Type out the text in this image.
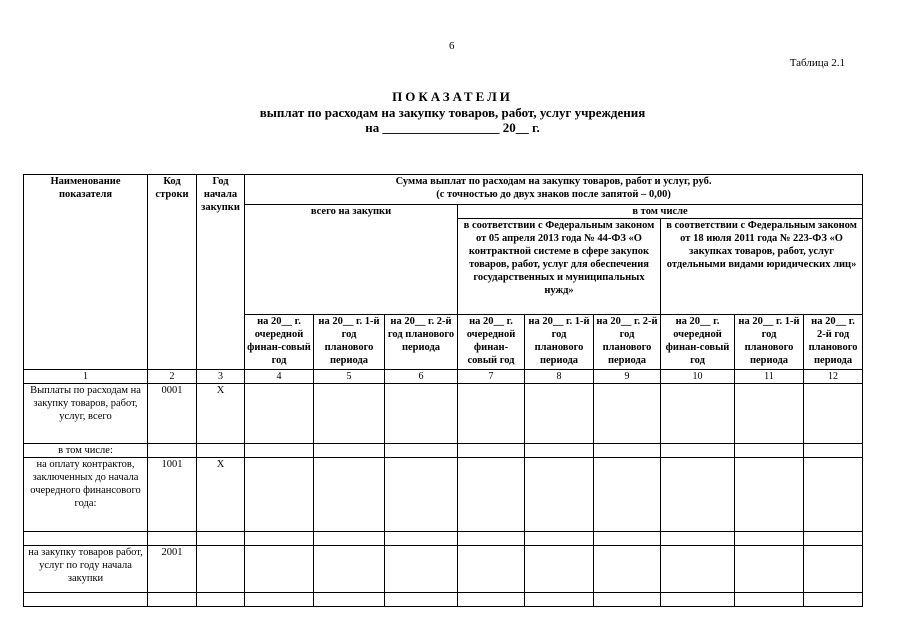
6
Таблица 2.1
ПОКАЗАТЕЛИ
выплат по расходам на закупку товаров, работ, услуг учреждения
на __________________ 20__ г.
Наименование показателя	Код строки	Год начала закупки	Сумма выплат по расходам на закупку товаров, работ и услуг, руб.
(с точностью до двух знаков после запятой – 0,00)								

			всего на закупки			в том числе					
						в соответствии с Федеральным законом от 05 апреля 2013 года № 44-ФЗ «О контрактной системе в сфере закупок товаров, работ, услуг для обеспечения государственных и муниципальных нужд»			в соответствии с Федеральным законом от 18 июля 2011 года № 223-ФЗ «О закупках товаров, работ, услуг отдельными видами юридических лиц»		
			на 20__ г. очередной финан-совый год	на 20__ г. 1-й год планового периода	на 20__ г. 2-й год планового периода	на 20__ г. очередной финан-совый год	на 20__ г. 1-й год планового периода	на 20__ г. 2-й год планового периода	на 20__ г. очередной финан-совый год	на 20__ г. 1-й год планового периода	на 20__ г. 2-й год планового периода
1	2	3	4	5	6	7	8	9	10	11	12
Выплаты по расходам на закупку товаров, работ, услуг, всего	0001	X									
в том числе:											
на оплату контрактов, заключенных до начала очередного финансового года:	1001	X									

на закупку товаров работ, услуг по году начала закупки	2001										
